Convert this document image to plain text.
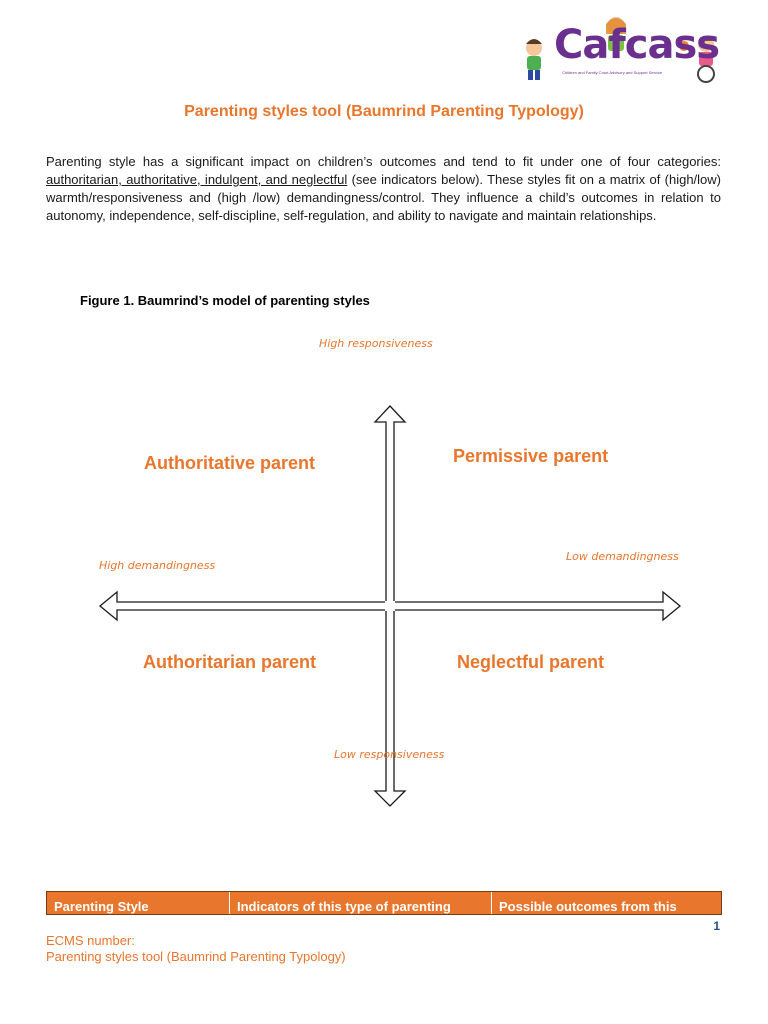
Cafcass
Children and Family Court Advisory and Support Service
Parenting styles tool (Baumrind Parenting Typology)
Parenting style has a significant impact on children’s outcomes and tend to fit under one of four categories: authoritarian, authoritative, indulgent, and neglectful (see indicators below). These styles fit on a matrix of (high/low) warmth/responsiveness and (high /low) demandingness/control. They influence a child’s outcomes in relation to autonomy, independence, self-discipline, self-regulation, and ability to navigate and maintain relationships.
Figure 1. Baumrind’s model of parenting styles
High responsiveness
Low responsiveness
High demandingness
Low demandingness
Authoritative parent	Permissive parent
Authoritarian parent	Neglectful parent
Parenting Style	Indicators of this type of parenting	Possible outcomes from this
1
ECMS number:
Parenting styles tool (Baumrind Parenting Typology)
